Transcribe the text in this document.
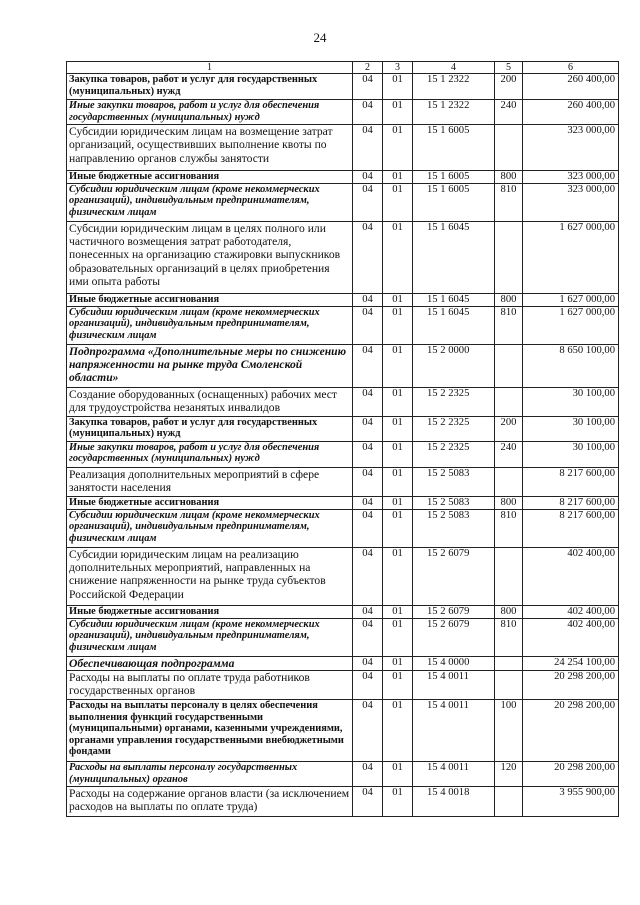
24
1	2	3	4	5	6
Закупка товаров, работ и услуг для государственных (муниципальных) нужд	04	01	15 1 2322	200	260 400,00
Иные закупки товаров, работ и услуг для обеспечения государственных (муниципальных) нужд	04	01	15 1 2322	240	260 400,00
Субсидии юридическим лицам на возмещение затрат организаций, осуществивших выполнение квоты по направлению органов службы занятости	04	01	15 1 6005		323 000,00
Иные бюджетные ассигнования	04	01	15 1 6005	800	323 000,00
Субсидии юридическим лицам (кроме некоммерческих организаций), индивидуальным предпринимателям, физическим лицам	04	01	15 1 6005	810	323 000,00
Субсидии юридическим лицам в целях полного или частичного возмещения затрат работодателя, понесенных на организацию стажировки выпускников образовательных организаций в целях приобретения ими опыта работы	04	01	15 1 6045		1 627 000,00
Иные бюджетные ассигнования	04	01	15 1 6045	800	1 627 000,00
Субсидии юридическим лицам (кроме некоммерческих организаций), индивидуальным предпринимателям, физическим лицам	04	01	15 1 6045	810	1 627 000,00
Подпрограмма «Дополнительные меры по снижению напряженности на рынке труда Смоленской области»	04	01	15 2 0000		8 650 100,00
Создание оборудованных (оснащенных) рабочих мест для трудоустройства незанятых инвалидов	04	01	15 2 2325		30 100,00
Закупка товаров, работ и услуг для государственных (муниципальных) нужд	04	01	15 2 2325	200	30 100,00
Иные закупки товаров, работ и услуг для обеспечения государственных (муниципальных) нужд	04	01	15 2 2325	240	30 100,00
Реализация дополнительных мероприятий в сфере занятости населения	04	01	15 2 5083		8 217 600,00
Иные бюджетные ассигнования	04	01	15 2 5083	800	8 217 600,00
Субсидии юридическим лицам (кроме некоммерческих организаций), индивидуальным предпринимателям, физическим лицам	04	01	15 2 5083	810	8 217 600,00
Субсидии юридическим лицам на реализацию дополнительных мероприятий, направленных на снижение напряженности на рынке труда субъектов Российской Федерации	04	01	15 2 6079		402 400,00
Иные бюджетные ассигнования	04	01	15 2 6079	800	402 400,00
Субсидии юридическим лицам (кроме некоммерческих организаций), индивидуальным предпринимателям, физическим лицам	04	01	15 2 6079	810	402 400,00
Обеспечивающая подпрограмма	04	01	15 4 0000		24 254 100,00
Расходы на выплаты по оплате труда работников государственных органов	04	01	15 4 0011		20 298 200,00
Расходы на выплаты персоналу в целях обеспечения выполнения функций государственными (муниципальными) органами, казенными учреждениями, органами управления государственными внебюджетными фондами	04	01	15 4 0011	100	20 298 200,00
Расходы на выплаты персоналу государственных (муниципальных) органов	04	01	15 4 0011	120	20 298 200,00
Расходы на содержание органов власти (за исключением расходов на выплаты по оплате труда)	04	01	15 4 0018		3 955 900,00
